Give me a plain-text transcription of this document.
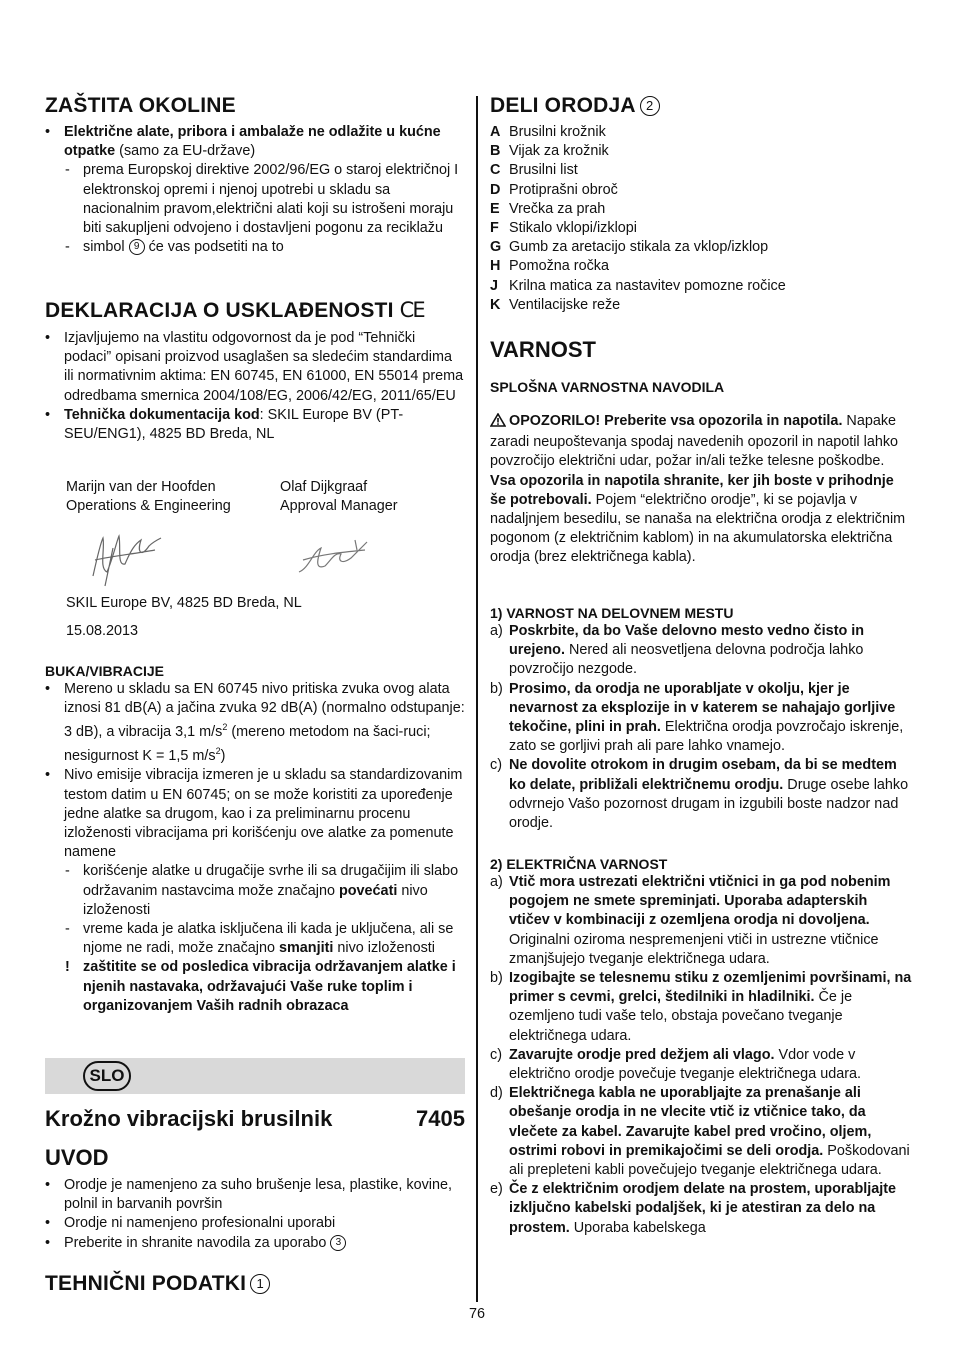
ZAŠTITA OKOLINE
• Električne alate, pribora i ambalaže ne odlažite u kućne otpatke (samo za EU-države)
- prema Europskoj direktive 2002/96/EG o staroj električnoj I elektronskoj opremi i njenoj upotrebi u skladu sa nacionalnim pravom,električni alati koji su istrošeni moraju biti sakupljeni odvojeno i dostavljeni pogonu za reciklažu
- simbol 9 će vas podsetiti na to
DEKLARACIJA O USKLAĐENOSTI CE
• Izjavljujemo na vlastitu odgovornost da je pod “Tehnički podaci” opisani proizvod usaglašen sa sledećim standardima ili normativnim aktima: EN 60745, EN 61000, EN 55014 prema odredbama smernica 2004/108/EG, 2006/42/EG, 2011/65/EU
• Tehnička dokumentacija kod: SKIL Europe BV (PT-SEU/ENG1), 4825 BD Breda, NL
Marijn van der Hoofden
Operations & Engineering
Olaf Dijkgraaf
Approval Manager

SKIL Europe BV, 4825 BD Breda, NL

15.08.2013

BUKA/VIBRACIJE

• Mereno u skladu sa EN 60745 nivo pritiska zvuka ovog alata iznosi 81 dB(A) a jačina zvuka 92 dB(A) (normalno odstupanje: 3 dB), a vibracija 3,1 $m/s^2$ (mereno metodom na šaci-ruci; nesigurnost K = 1,5 $m/s^2$)
• Nivo emisije vibracija izmeren je u skladu sa standardizovanim testom datim u EN 60745; on se može koristiti za upoređenje jedne alatke sa drugom, kao i za preliminarnu procenu izloženosti vibracijama pri korišćenju ove alatke za pomenute namene
- korišćenje alatke u drugačije svrhe ili sa drugačijim ili slabo održavanim nastavcima može značajno povećati nivo izloženosti
- vreme kada je alatka isključena ili kada je uključena, ali se njome ne radi, može značajno smanjiti nivo izloženosti
! zaštitite se od posledica vibracija održavanjem alatke i njenih nastavaka, održavajući Vaše ruke toplim i organizovanjem Vaših radnih obrazaca
SLO
Krožno vibracijski brusilnik	7405
UVOD
• Orodje je namenjeno za suho brušenje lesa, plastike, kovine, polnil in barvanih površin
• Orodje ni namenjeno profesionalni uporabi
• Preberite in shranite navodila za uporabo 3
TEHNIČNI PODATKI 1
DELI ORODJA 2
A Brusilni krožnik
B Vijak za krožnik
C Brusilni list
D Protiprašni obroč
E Vrečka za prah
F Stikalo vklopi/izklopi
G Gumb za aretacijo stikala za vklop/izklop
H Pomožna ročka
J Krilna matica za nastavitev pomozne ročice
K Ventilacijske reže
VARNOST

SPLOŠNA VARNOSTNA NAVODILA

OPOZORILO! Preberite vsa opozorila in napotila. Napake zaradi neupoštevanja spodaj navedenih opozoril in napotil lahko povzročijo električni udar, požar in/ali težke telesne poškodbe. Vsa opozorila in napotila shranite, ker jih boste v prihodnje še potrebovali. Pojem “električno orodje”, ki se pojavlja v nadaljnjem besedilu, se nanaša na električna orodja z električnim pogonom (z električnim kablom) in na akumulatorska električna orodja (brez električnega kabla).

1) VARNOST NA DELOVNEM MESTU

a) Poskrbite, da bo Vaše delovno mesto vedno čisto in urejeno. Nered ali neosvetljena delovna področja lahko povzročijo nezgode.
b) Prosimo, da orodja ne uporabljate v okolju, kjer je nevarnost za eksplozije in v katerem se nahajajo gorljive tekočine, plini in prah. Električna orodja povzročajo iskrenje, zato se gorljivi prah ali pare lahko vnamejo.
c) Ne dovolite otrokom in drugim osebam, da bi se medtem ko delate, približali električnemu orodju. Druge osebe lahko odvrnejo Vašo pozornost drugam in izgubili boste nadzor nad orodje.

2) ELEKTRIČNA VARNOST

a) Vtič mora ustrezati električni vtičnici in ga pod nobenim pogojem ne smete spreminjati. Uporaba adapterskih vtičev v kombinaciji z ozemljena orodja ni dovoljena. Originalni oziroma nespremenjeni vtiči in ustrezne vtičnice zmanjšujejo tveganje električnega udara.
b) Izogibajte se telesnemu stiku z ozemljenimi površinami, na primer s cevmi, grelci, štedilniki in hladilniki. Če je ozemljeno tudi vaše telo, obstaja povečano tveganje električnega udara.
c) Zavarujte orodje pred dežjem ali vlago. Vdor vode v električno orodje povečuje tveganje električnega udara.
d) Električnega kabla ne uporabljajte za prenašanje ali obešanje orodja in ne vlecite vtič iz vtičnice tako, da vlečete za kabel. Zavarujte kabel pred vročino, oljem, ostrimi robovi in premikajočimi se deli orodja. Poškodovani ali prepleteni kabli povečujejo tveganje električnega udara.
e) Če z električnim orodjem delate na prostem, uporabljajte izključno kabelski podaljšek, ki je atestiran za delo na prostem. Uporaba kabelskega
76
